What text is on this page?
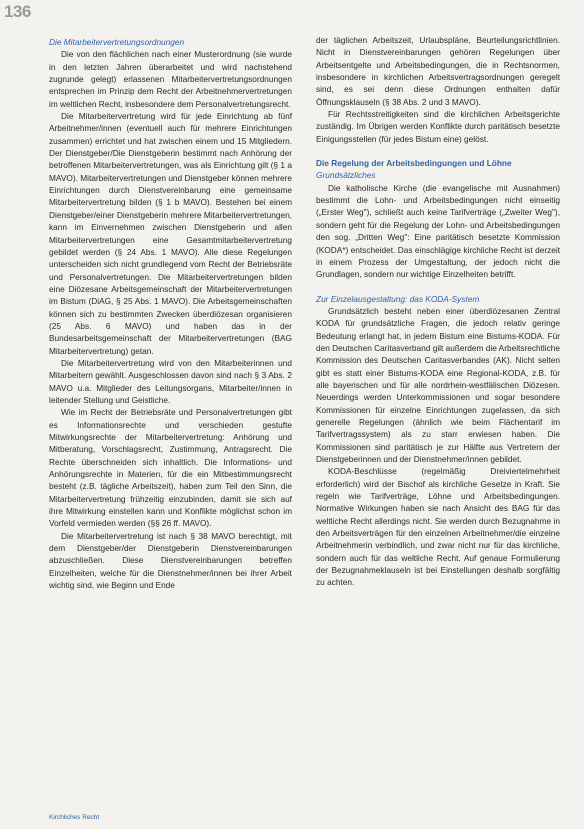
136

Die Mitarbeitervertretungsordnungen

Die von den flächlichen nach einer Musterordnung (sie wurde in den letzten Jahren überarbeitet und wird nachstehend zugrunde gelegt) erlassenen Mitarbeitervertretungsordnungen entsprechen im Prinzip dem Recht der Arbeitnehmervertretungen im weltlichen Recht, insbesondere dem Personalvertretungsrecht.

Die Mitarbeitervertretung wird für jede Einrichtung ab fünf Arbeitnehmer/innen (eventuell auch für mehrere Einrichtungen zusammen) errichtet und hat zwischen einem und 15 Mitgliedern. Der Dienstgeber/Die Dienstgeberin bestimmt nach Anhörung der betroffenen Mitarbeitervertretungen, was als Einrichtung gilt (§ 1 a MAVO). Mitarbeitervertretungen und Dienstgeber können mehrere Einrichtungen durch Dienstvereinbarung eine gemeinsame Mitarbeitervertretung bilden (§ 1 b MAVO). Bestehen bei einem Dienstgeber/einer Dienstgeberin mehrere Mitarbeitervertretungen, kann im Einvernehmen zwischen Dienstgeberin und allen Mitarbeitervertretungen eine Gesamtmitarbeitervertretung gebildet werden (§ 24 Abs. 1 MAVO). Alle diese Regelungen unterscheiden sich nicht grundlegend vom Recht der Betriebsräte und Personalvertretungen. Die Mitarbeitervertretungen bilden eine Diözesane Arbeitsgemeinschaft der Mitarbeitervertretungen im Bistum (DiAG, § 25 Abs. 1 MAVO). Die Arbeitsgemeinschaften können sich zu bestimmten Zwecken überdiözesan organisieren (25 Abs. 6 MAVO) und haben das in der Bundesarbeitsgemeinschaft der Mitarbeitervertretungen (BAG Mitarbeitervertretung) getan.

Die Mitarbeitervertretung wird von den Mitarbeiterinnen und Mitarbeitern gewählt. Ausgeschlossen davon sind nach § 3 Abs. 2 MAVO u.a. Mitglieder des Leitungsorgans, Mitarbeiter/innen in leitender Stellung und Geistliche.

Wie im Recht der Betriebsräte und Personalvertretungen gibt es Informationsrechte und verschieden gestufte Mitwirkungsrechte der Mitarbeitervertretung: Anhörung und Mitberatung, Vorschlagsrecht, Zustimmung, Antragsrecht. Die Rechte überschneiden sich inhaltlich. Die Informations- und Anhörungsrechte in Materien, für die ein Mitbestimmungsrecht besteht (z.B. tägliche Arbeitszeit), haben zum Teil den Sinn, die Mitarbeitervertretung frühzeitig einzubinden, damit sie sich auf ihre Mitwirkung einstellen kann und Konflikte möglichst schon im Vorfeld vermieden werden (§§ 26 ff. MAVO).

Die Mitarbeitervertretung ist nach § 38 MAVO berechtigt, mit dem Dienstgeber/der Dienstgeberin Dienstvereinbarungen abzuschließen. Diese Dienstvereinbarungen betreffen Einzelheiten, welche für die Dienstnehmer/innen bei ihrer Arbeit wichtig sind, wie Beginn und Ende

der täglichen Arbeitszeit, Urlaubspläne, Beurteilungsrichtlinien. Nicht in Dienstvereinbarungen gehören Regelungen über Arbeitsentgelte und Arbeitsbedingungen, die in Rechtsnormen, insbesondere in kirchlichen Arbeitsvertragsordnungen geregelt sind, es sei denn diese Ordnungen enthalten dafür Öffnungsklauseln (§ 38 Abs. 2 und 3 MAVO).

Für Rechtsstreitigkeiten sind die kirchlichen Arbeitsgerichte zuständig. Im Übrigen werden Konflikte durch paritätisch besetzte Einigungsstellen (für jedes Bistum eine) gelöst.

Die Regelung der Arbeitsbedingungen und Löhne

Grundsätzliches

Die katholische Kirche (die evangelische mit Ausnahmen) bestimmt die Lohn- und Arbeitsbedingungen nicht einseitig („Erster Weg"), schließt auch keine Tarifverträge („Zweiter Weg"), sondern geht für die Regelung der Lohn- und Arbeitsbedingungen den sog. „Dritten Weg": Eine paritätisch besetzte Kommission (KODA*) entscheidet. Das einschlägige kirchliche Recht ist derzeit in einem Prozess der Umgestaltung, der jedoch nicht die Grundlagen, sondern nur wichtige Einzelheiten betrifft.

Zur Einzelausgestaltung: das KODA-System

Grundsätzlich besteht neben einer überdiözesanen Zentral KODA für grundsätzliche Fragen, die jedoch relativ geringe Bedeutung erlangt hat, in jedem Bistum eine Bistums-KODA. Für den Deutschen Caritasverband gilt außerdem die Arbeitsrechtliche Kommission des Deutschen Caritasverbandes (AK). Nicht selten gibt es statt einer Bistums-KODA eine Regional-KODA, z.B. für alle bayerischen und für alle nordrhein-westfälischen Diözesen. Neuerdings werden Unterkommissionen und sogar besondere Kommissionen für einzelne Einrichtungen zugelassen, da sich generelle Regelungen (ähnlich wie beim Flächentarif im Tarifvertragssystem) als zu starr erwiesen haben. Die Kommissionen sind paritätisch je zur Hälfte aus Vertretern der Dienstgeberinnen und der Dienstnehmer/innen gebildet.

KODA-Beschlüsse (regelmäßig Dreiviertelmehrheit erforderlich) wird der Bischof als kirchliche Gesetze in Kraft. Sie regeln wie Tarifverträge, Löhne und Arbeitsbedingungen. Normative Wirkungen haben sie nach Ansicht des BAG für das weltliche Recht allerdings nicht. Sie werden durch Bezugnahme in den Arbeitsverträgen für den einzelnen Arbeitnehmer/die einzelne Arbeitnehmerin verbindlich, und zwar nicht nur für das kirchliche, sondern auch für das weltliche Recht. Auf genaue Formulierung der Bezugnahmeklauseln ist bei Einstellungen deshalb sorgfältig zu achten.

Kirchliches Recht
